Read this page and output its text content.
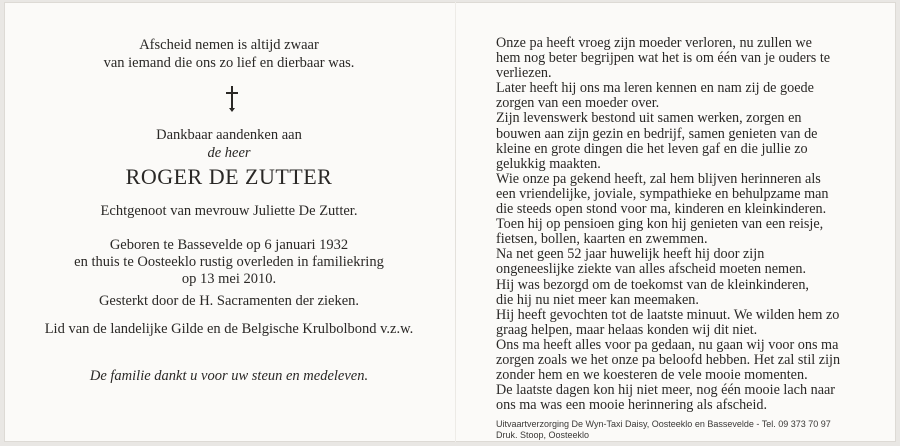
Afscheid nemen is altijd zwaar
van iemand die ons zo lief en dierbaar was.
Dankbaar aandenken aan
de heer
ROGER DE ZUTTER
Echtgenoot van mevrouw Juliette De Zutter.
Geboren te Bassevelde op 6 januari 1932
en thuis te Oosteeklo rustig overleden in familiekring
op 13 mei 2010.
Gesterkt door de H. Sacramenten der zieken.
Lid van de landelijke Gilde en de Belgische Krulbolbond v.z.w.
De familie dankt u voor uw steun en medeleven.
Onze pa heeft vroeg zijn moeder verloren, nu zullen we
hem nog beter begrijpen wat het is om één van je ouders te
verliezen.
Later heeft hij ons ma leren kennen en nam zij de goede
zorgen van een moeder over.
Zijn levenswerk bestond uit samen werken, zorgen en
bouwen aan zijn gezin en bedrijf, samen genieten van de
kleine en grote dingen die het leven gaf en die jullie zo
gelukkig maakten.
Wie onze pa gekend heeft, zal hem blijven herinneren als
een vriendelijke, joviale, sympathieke en behulpzame man
die steeds open stond voor ma, kinderen en kleinkinderen.
Toen hij op pensioen ging kon hij genieten van een reisje,
fietsen, bollen, kaarten en zwemmen.
Na net geen 52 jaar huwelijk heeft hij door zijn
ongeneeslijke ziekte van alles afscheid moeten nemen.
Hij was bezorgd om de toekomst van de kleinkinderen,
die hij nu niet meer kan meemaken.
Hij heeft gevochten tot de laatste minuut. We wilden hem zo
graag helpen, maar helaas konden wij dit niet.
Ons ma heeft alles voor pa gedaan, nu gaan wij voor ons ma
zorgen zoals we het onze pa beloofd hebben. Het zal stil zijn
zonder hem en we koesteren de vele mooie momenten.
De laatste dagen kon hij niet meer, nog één mooie lach naar
ons ma was een mooie herinnering als afscheid.
Uitvaartverzorging De Wyn-Taxi Daisy, Oosteeklo en Bassevelde - Tel. 09 373 70 97
Druk. Stoop, Oosteeklo
